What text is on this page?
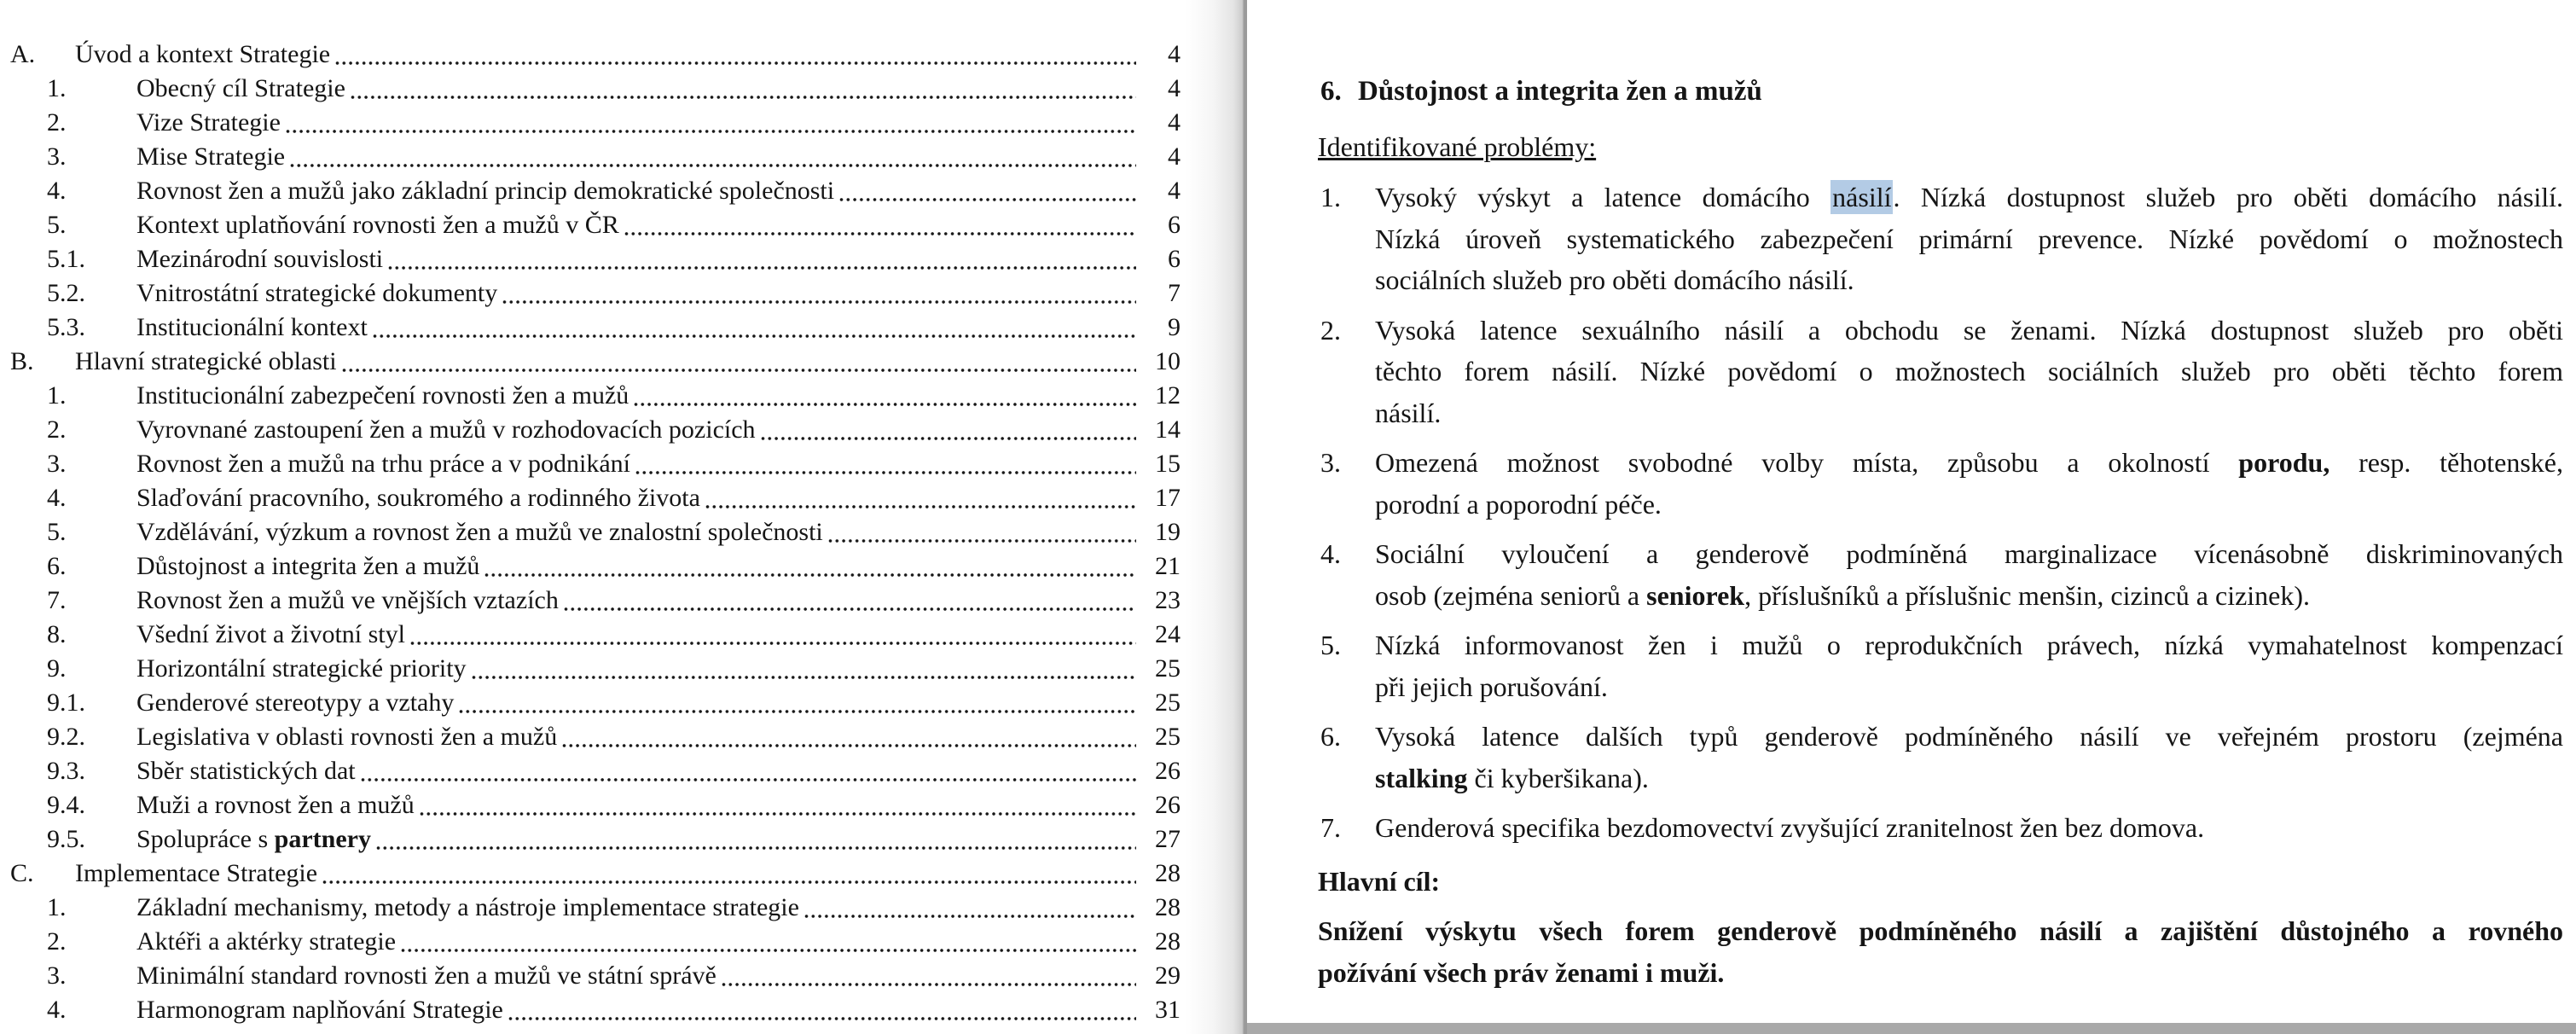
A.	Úvod a kontext Strategie	4
1.	Obecný cíl Strategie	4
2.	Vize Strategie	4
3.	Mise Strategie	4
4.	Rovnost žen a mužů jako základní princip demokratické společnosti	4
5.	Kontext uplatňování rovnosti žen a mužů v ČR	6
5.1.	Mezinárodní souvislosti	6
5.2.	Vnitrostátní strategické dokumenty	7
5.3.	Institucionální kontext	9
B.	Hlavní strategické oblasti	10
1.	Institucionální zabezpečení rovnosti žen a mužů	12
2.	Vyrovnané zastoupení žen a mužů v rozhodovacích pozicích	14
3.	Rovnost žen a mužů na trhu práce a v podnikání	15
4.	Slaďování pracovního, soukromého a rodinného života	17
5.	Vzdělávání, výzkum a rovnost žen a mužů ve znalostní společnosti	19
6.	Důstojnost a integrita žen a mužů	21
7.	Rovnost žen a mužů ve vnějších vztazích	23
8.	Všední život a životní styl	24
9.	Horizontální strategické priority	25
9.1.	Genderové stereotypy a vztahy	25
9.2.	Legislativa v oblasti rovnosti žen a mužů	25
9.3.	Sběr statistických dat	26
9.4.	Muži a rovnost žen a mužů	26
9.5.	Spolupráce s partnery	27
C.	Implementace Strategie	28
1.	Základní mechanismy, metody a nástroje implementace strategie	28
2.	Aktéři a aktérky strategie	28
3.	Minimální standard rovnosti žen a mužů ve státní správě	29
4.	Harmonogram naplňování Strategie	31
6. Důstojnost a integrita žen a mužů
Identifikované problémy:
1. Vysoký výskyt a latence domácího násilí. Nízká dostupnost služeb pro oběti domácího násilí.
Nízká úroveň systematického zabezpečení primární prevence. Nízké povědomí o možnostech
sociálních služeb pro oběti domácího násilí.
2. Vysoká latence sexuálního násilí a obchodu se ženami. Nízká dostupnost služeb pro oběti
těchto forem násilí. Nízké povědomí o možnostech sociálních služeb pro oběti těchto forem
násilí.
3. Omezená možnost svobodné volby místa, způsobu a okolností porodu, resp. těhotenské,
porodní a poporodní péče.
4. Sociální vyloučení a genderově podmíněná marginalizace vícenásobně diskriminovaných
osob (zejména seniorů a seniorek, příslušníků a příslušnic menšin, cizinců a cizinek).
5. Nízká informovanost žen i mužů o reprodukčních právech, nízká vymahatelnost kompenzací
při jejich porušování.
6. Vysoká latence dalších typů genderově podmíněného násilí ve veřejném prostoru (zejména
stalking či kyberšikana).
7. Genderová specifika bezdomovectví zvyšující zranitelnost žen bez domova.
Hlavní cíl:
Snížení výskytu všech forem genderově podmíněného násilí a zajištění důstojného a rovného
požívání všech práv ženami i muži.
